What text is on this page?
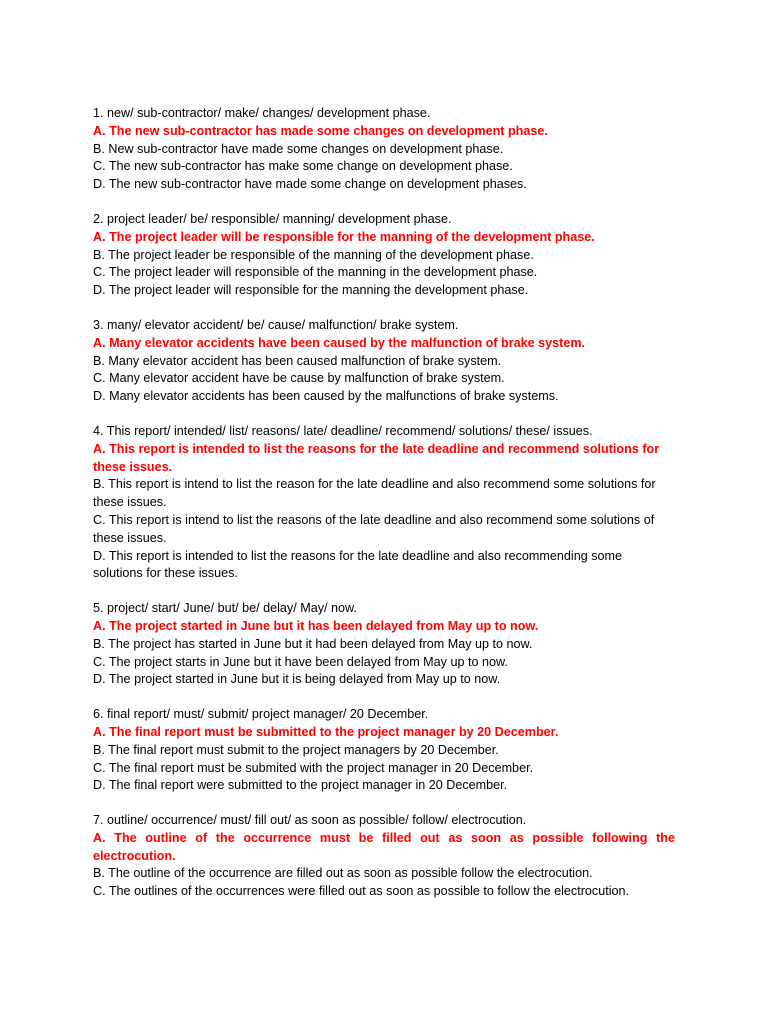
1. new/ sub-contractor/ make/ changes/ development phase.
A. The new sub-contractor has made some changes on development phase.
B. New sub-contractor have made some changes on development phase.
C. The new sub-contractor has make some change on development phase.
D. The new sub-contractor have made some change on development phases.
2. project leader/ be/ responsible/ manning/ development phase.
A. The project leader will be responsible for the manning of the development phase.
B. The project leader be responsible of the manning of the development phase.
C. The project leader will responsible of the manning in the development phase.
D. The project leader will responsible for the manning the development phase.
3. many/ elevator accident/ be/ cause/ malfunction/ brake system.
A. Many elevator accidents have been caused by the malfunction of brake system.
B. Many elevator accident has been caused malfunction of brake system.
C. Many elevator accident have be cause by malfunction of brake system.
D. Many elevator accidents has been caused by the malfunctions of brake systems.
4. This report/ intended/ list/ reasons/ late/ deadline/ recommend/ solutions/ these/ issues.
A. This report is intended to list the reasons for the late deadline and recommend solutions for these issues.
B. This report is intend to list the reason for the late deadline and also recommend some solutions for these issues.
C. This report is intend to list the reasons of the late deadline and also recommend some solutions of these issues.
D. This report is intended to list the reasons for the late deadline and also recommending some solutions for these issues.
5. project/ start/ June/ but/ be/ delay/ May/ now.
A. The project started in June but it has been delayed from May up to now.
B. The project has started in June but it had been delayed from May up to now.
C. The project starts in June but it have been delayed from May up to now.
D. The project started in June but it is being delayed from May up to now.
6. final report/ must/ submit/ project manager/ 20 December.
A. The final report must be submitted to the project manager by 20 December.
B. The final report must submit to the project managers by 20 December.
C. The final report must be submited with the project manager in 20 December.
D. The final report were submitted to the project manager in 20 December.
7. outline/ occurrence/ must/ fill out/ as soon as possible/ follow/ electrocution.
A. The outline of the occurrence must be filled out as soon as possible following the electrocution.
B. The outline of the occurrence are filled out as soon as possible follow the electrocution.
C. The outlines of the occurrences were filled out as soon as possible to follow the electrocution.
